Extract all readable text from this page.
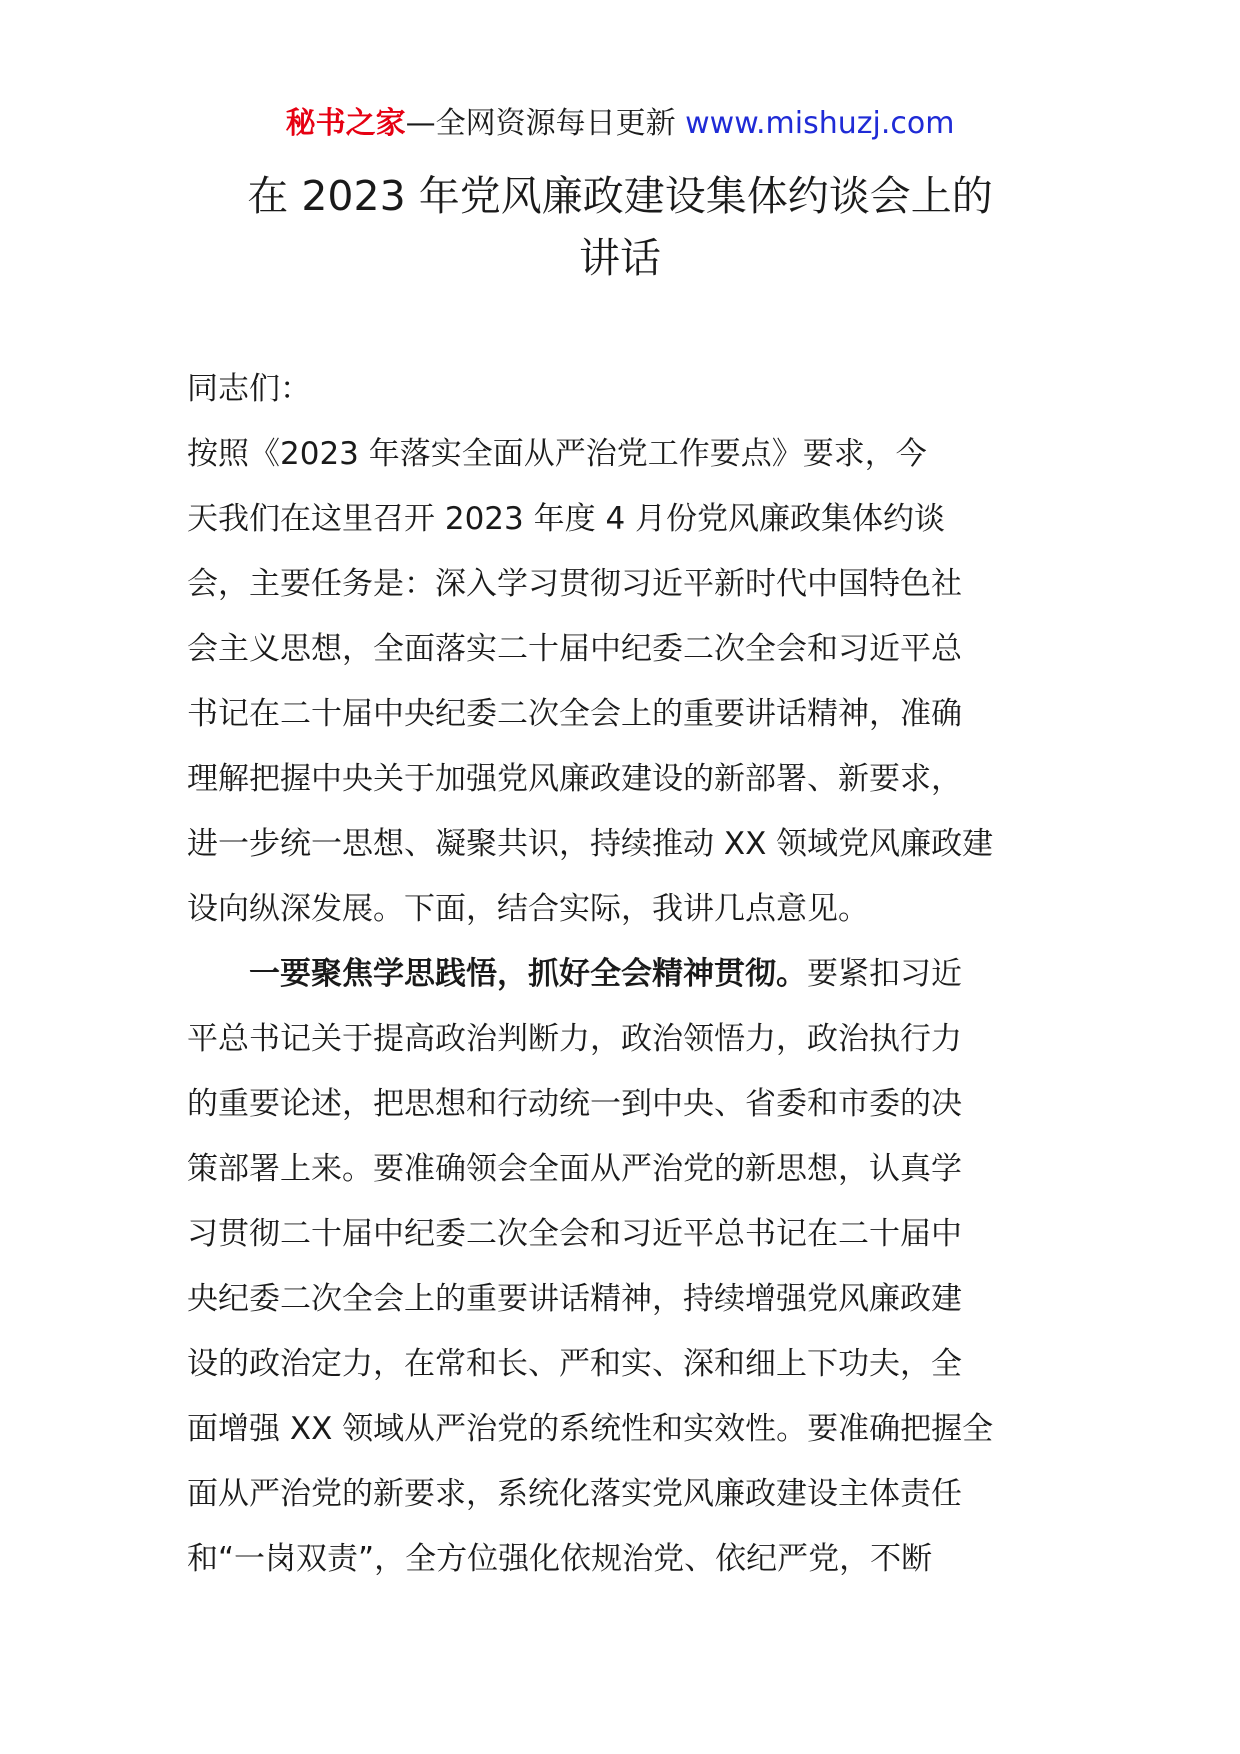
秘书之家—全网资源每日更新 www.mishuzj.com
在 2023 年党风廉政建设集体约谈会上的
讲话

同志们：

按照《2023 年落实全面从严治党工作要点》要求，今
天我们在这里召开 2023 年度 4 月份党风廉政集体约谈
会，主要任务是：深入学习贯彻习近平新时代中国特色社
会主义思想，全面落实二十届中纪委二次全会和习近平总
书记在二十届中央纪委二次全会上的重要讲话精神，准确
理解把握中央关于加强党风廉政建设的新部署、新要求，
进一步统一思想、凝聚共识，持续推动 XX 领域党风廉政建
设向纵深发展。下面，结合实际，我讲几点意见。

一要聚焦学思践悟，抓好全会精神贯彻。要紧扣习近
平总书记关于提高政治判断力，政治领悟力，政治执行力
的重要论述，把思想和行动统一到中央、省委和市委的决
策部署上来。要准确领会全面从严治党的新思想，认真学
习贯彻二十届中纪委二次全会和习近平总书记在二十届中
央纪委二次全会上的重要讲话精神，持续增强党风廉政建
设的政治定力，在常和长、严和实、深和细上下功夫，全
面增强 XX 领域从严治党的系统性和实效性。要准确把握全
面从严治党的新要求，系统化落实党风廉政建设主体责任
和“一岗双责”，全方位强化依规治党、依纪严党，不断
